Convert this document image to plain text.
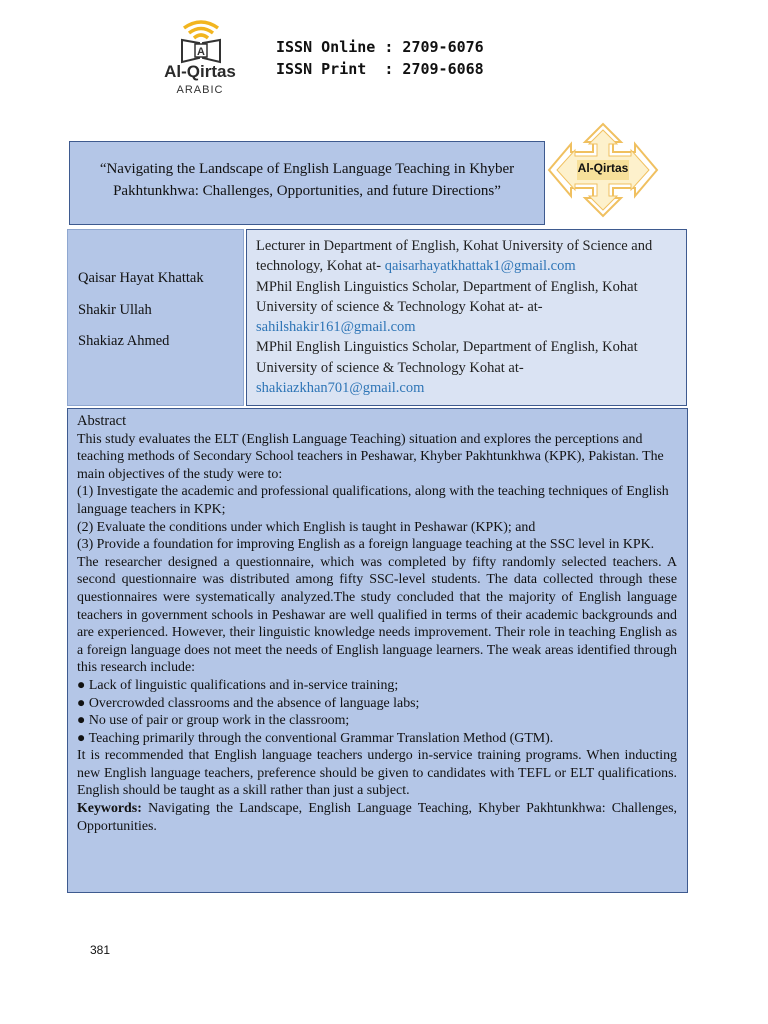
A
Al-Qirtas
ARABIC
ISSN Online : 2709-6076
ISSN Print  : 2709-6068
“Navigating the Landscape of English Language Teaching in Khyber Pakhtunkhwa: Challenges, Opportunities, and future Directions”
Al-Qirtas
Qaisar Hayat Khattak
Shakir Ullah
Shakiaz Ahmed
Lecturer in Department of English, Kohat University of Science and technology, Kohat at- qaisarhayatkhattak1@gmail.com
MPhil English Linguistics Scholar, Department of English, Kohat University of science & Technology Kohat at- at-
sahilshakir161@gmail.com
MPhil English Linguistics Scholar, Department of English, Kohat University of science & Technology Kohat at-
shakiazkhan701@gmail.com

Abstract

This study evaluates the ELT (English Language Teaching) situation and explores the perceptions and teaching methods of Secondary School teachers in Peshawar, Khyber Pakhtunkhwa (KPK), Pakistan. The main objectives of the study were to:

(1) Investigate the academic and professional qualifications, along with the teaching techniques of English language teachers in KPK;

(2) Evaluate the conditions under which English is taught in Peshawar (KPK); and

(3) Provide a foundation for improving English as a foreign language teaching at the SSC level in KPK.

The researcher designed a questionnaire, which was completed by fifty randomly selected teachers. A second questionnaire was distributed among fifty SSC-level students. The data collected through these questionnaires were systematically analyzed.The study concluded that the majority of English language teachers in government schools in Peshawar are well qualified in terms of their academic backgrounds and are experienced. However, their linguistic knowledge needs improvement. Their role in teaching English as a foreign language does not meet the needs of English language learners. The weak areas identified through this research include:

● Lack of linguistic qualifications and in-service training;

● Overcrowded classrooms and the absence of language labs;

● No use of pair or group work in the classroom;

● Teaching primarily through the conventional Grammar Translation Method (GTM).

It is recommended that English language teachers undergo in-service training programs. When inducting new English language teachers, preference should be given to candidates with TEFL or ELT qualifications. English should be taught as a skill rather than just a subject.

Keywords: Navigating the Landscape, English Language Teaching, Khyber Pakhtunkhwa: Challenges, Opportunities.

381
